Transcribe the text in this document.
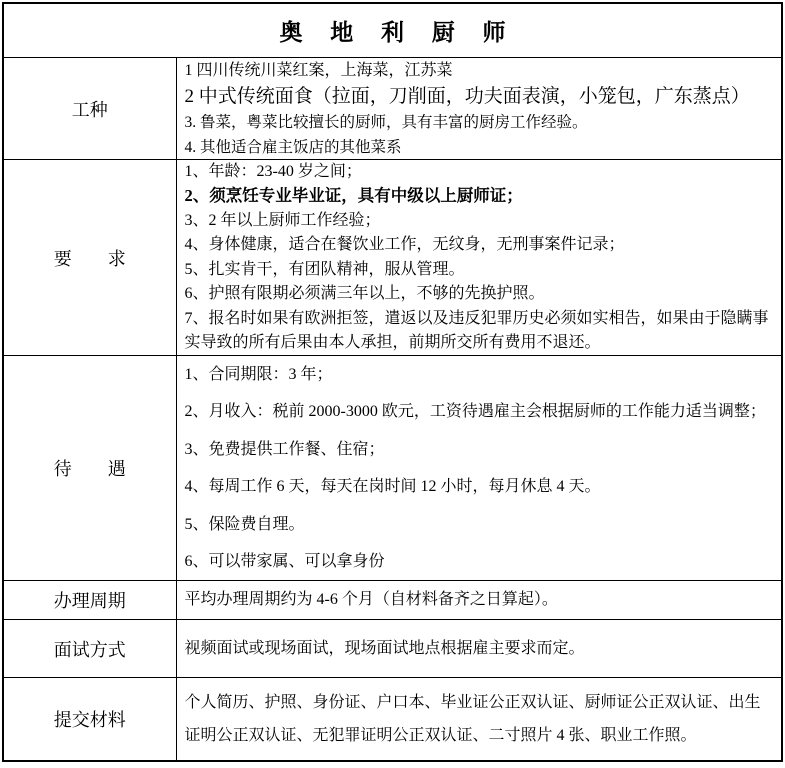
奥 地 利 厨 师
工种
1 四川传统川菜红案，上海菜，江苏菜
2 中式传统面食（拉面，刀削面，功夫面表演，小笼包，广东蒸点）
3. 鲁菜，粤菜比较擅长的厨师，具有丰富的厨房工作经验。
4. 其他适合雇主饭店的其他菜系
要　　求
1、年龄：23-40 岁之间；
2、须烹饪专业毕业证，具有中级以上厨师证；
3、2 年以上厨师工作经验；
4、身体健康，适合在餐饮业工作，无纹身，无刑事案件记录；
5、扎实肯干，有团队精神，服从管理。
6、护照有限期必须满三年以上，不够的先换护照。
7、报名时如果有欧洲拒签，遣返以及违反犯罪历史必须如实相告，如果由于隐瞒事实导致的所有后果由本人承担，前期所交所有费用不退还。
待　　遇
1、合同期限：3 年；
2、月收入：税前 2000-3000 欧元，工资待遇雇主会根据厨师的工作能力适当调整；
3、免费提供工作餐、住宿；
4、每周工作 6 天，每天在岗时间 12 小时，每月休息 4 天。
5、保险费自理。
6、可以带家属、可以拿身份
办理周期	平均办理周期约为 4-6 个月（自材料备齐之日算起）。
面试方式	视频面试或现场面试，现场面试地点根据雇主要求而定。
提交材料
个人简历、护照、身份证、户口本、毕业证公正双认证、厨师证公正双认证、出生证明公正双认证、无犯罪证明公正双认证、二寸照片 4 张、职业工作照。
